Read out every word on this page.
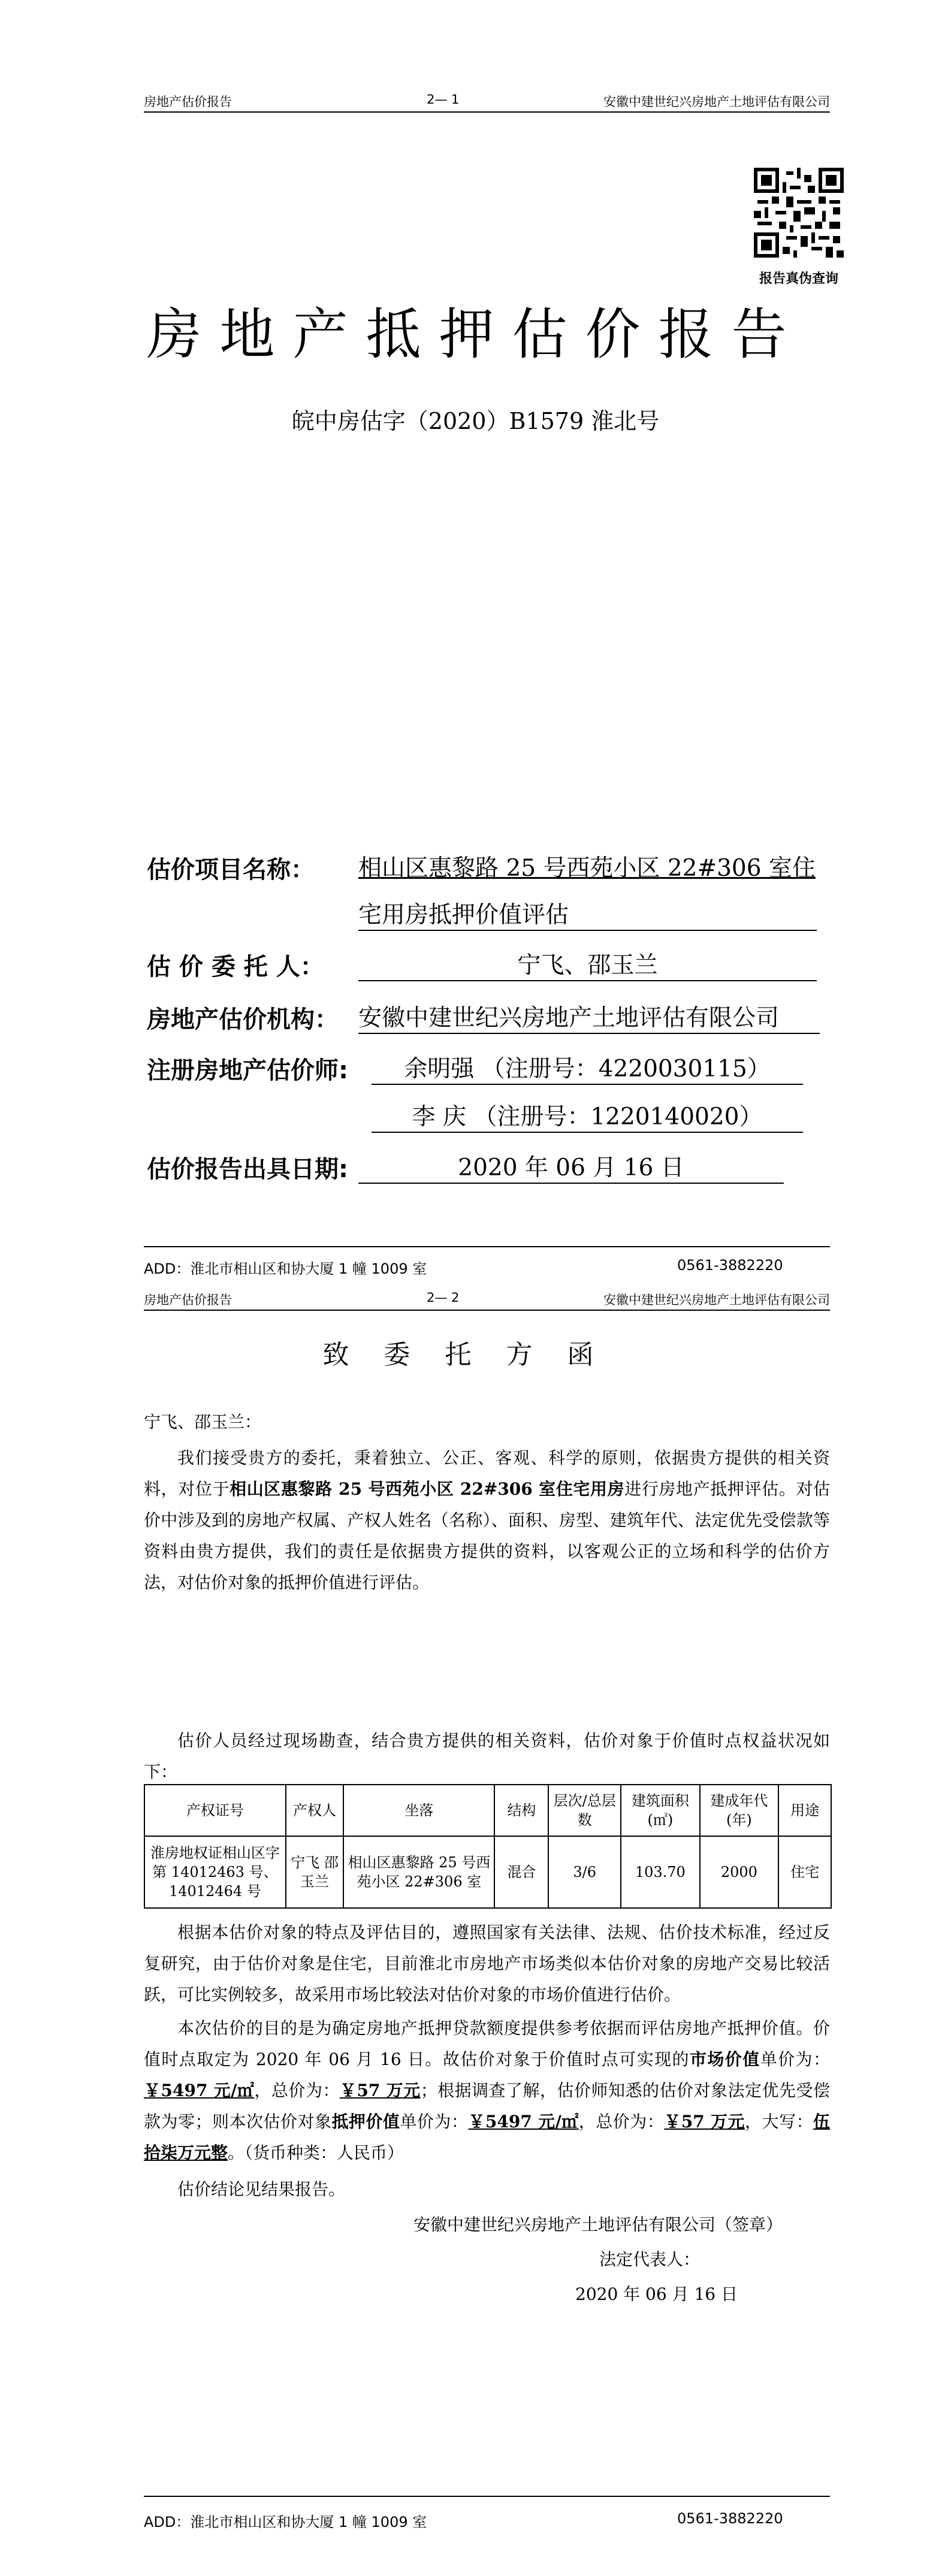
房地产估价报告	2— 1	安徽中建世纪兴房地产土地评估有限公司
报告真伪查询
房地产抵押估价报告
皖中房估字（2020）B1579 淮北号
估价项目名称： 相山区惠黎路 25 号西苑小区 22#306 室住
宅用房抵押价值评估
估 价 委 托 人：	宁飞、邵玉兰
房地产估价机构： 安徽中建世纪兴房地产土地评估有限公司
注册房地产估价师:	余明强 （注册号：4220030115）
李 庆 （注册号：1220140020）
估价报告出具日期:	2020 年 06 月 16 日
ADD：淮北市相山区和协大厦 1 幢 1009 室	0561-3882220
房地产估价报告	2— 2	安徽中建世纪兴房地产土地评估有限公司
致委托方函
宁飞、邵玉兰：
我们接受贵方的委托，秉着独立、公正、客观、科学的原则，依据贵方提供的相关资料，对位于相山区惠黎路 25 号西苑小区 22#306 室住宅用房进行房地产抵押评估。对估价中涉及到的房地产权属、产权人姓名（名称）、面积、房型、建筑年代、法定优先受偿款等资料由贵方提供，我们的责任是依据贵方提供的资料，以客观公正的立场和科学的估价方法，对估价对象的抵押价值进行评估。
估价人员经过现场勘查，结合贵方提供的相关资料，估价对象于价值时点权益状况如下：
产权证号	产权人	坐落	结构	层次/总层数	建筑面积(㎡)	建成年代(年)	用途
淮房地权证相山区字第 14012463 号、14012464 号	宁飞 邵玉兰	相山区惠黎路 25 号西苑小区 22#306 室	混合	3/6	103.70	2000	住宅
根据本估价对象的特点及评估目的，遵照国家有关法律、法规、估价技术标准，经过反复研究，由于估价对象是住宅，目前淮北市房地产市场类似本估价对象的房地产交易比较活跃，可比实例较多，故采用市场比较法对估价对象的市场价值进行估价。
本次估价的目的是为确定房地产抵押贷款额度提供参考依据而评估房地产抵押价值。价值时点取定为 2020 年 06 月 16 日。故估价对象于价值时点可实现的市场价值单价为：￥5497 元/㎡，总价为：￥57 万元；根据调查了解，估价师知悉的估价对象法定优先受偿款为零；则本次估价对象抵押价值单价为：￥5497 元/㎡，总价为：￥57 万元，大写：伍拾柒万元整。（货币种类：人民币）
估价结论见结果报告。
安徽中建世纪兴房地产土地评估有限公司（签章）
法定代表人：
2020 年 06 月 16 日
ADD：淮北市相山区和协大厦 1 幢 1009 室	0561-3882220
